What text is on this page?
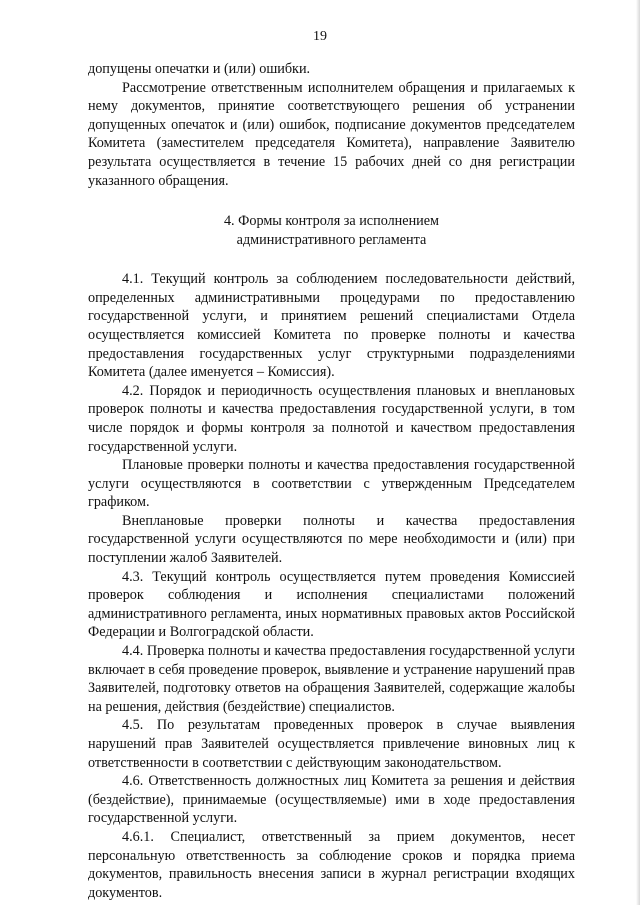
19

допущены опечатки и (или) ошибки.

Рассмотрение ответственным исполнителем обращения и прилагаемых к нему документов, принятие соответствующего решения об устранении допущенных опечаток и (или) ошибок, подписание документов председателем Комитета (заместителем председателя Комитета), направление Заявителю результата осуществляется в течение 15 рабочих дней со дня регистрации указанного обращения.

4. Формы контроля за исполнением
административного регламента

4.1. Текущий контроль за соблюдением последовательности действий, определенных административными процедурами по предоставлению государственной услуги, и принятием решений специалистами Отдела осуществляется комиссией Комитета по проверке полноты и качества предоставления государственных услуг структурными подразделениями Комитета (далее именуется – Комиссия).

4.2. Порядок и периодичность осуществления плановых и внеплановых проверок полноты и качества предоставления государственной услуги, в том числе порядок и формы контроля за полнотой и качеством предоставления государственной услуги.

Плановые проверки полноты и качества предоставления государственной услуги осуществляются в соответствии с утвержденным Председателем графиком.

Внеплановые проверки полноты и качества предоставления государственной услуги осуществляются по мере необходимости и (или) при поступлении жалоб Заявителей.

4.3. Текущий контроль осуществляется путем проведения Комиссией проверок соблюдения и исполнения специалистами положений административного регламента, иных нормативных правовых актов Российской Федерации и Волгоградской области.

4.4. Проверка полноты и качества предоставления государственной услуги включает в себя проведение проверок, выявление и устранение нарушений прав Заявителей, подготовку ответов на обращения Заявителей, содержащие жалобы на решения, действия (бездействие) специалистов.

4.5. По результатам проведенных проверок в случае выявления нарушений прав Заявителей осуществляется привлечение виновных лиц к ответственности в соответствии с действующим законодательством.

4.6. Ответственность должностных лиц Комитета за решения и действия (бездействие), принимаемые (осуществляемые) ими в ходе предоставления государственной услуги.

4.6.1. Специалист, ответственный за прием документов, несет персональную ответственность за соблюдение сроков и порядка приема документов, правильность внесения записи в журнал регистрации входящих документов.
